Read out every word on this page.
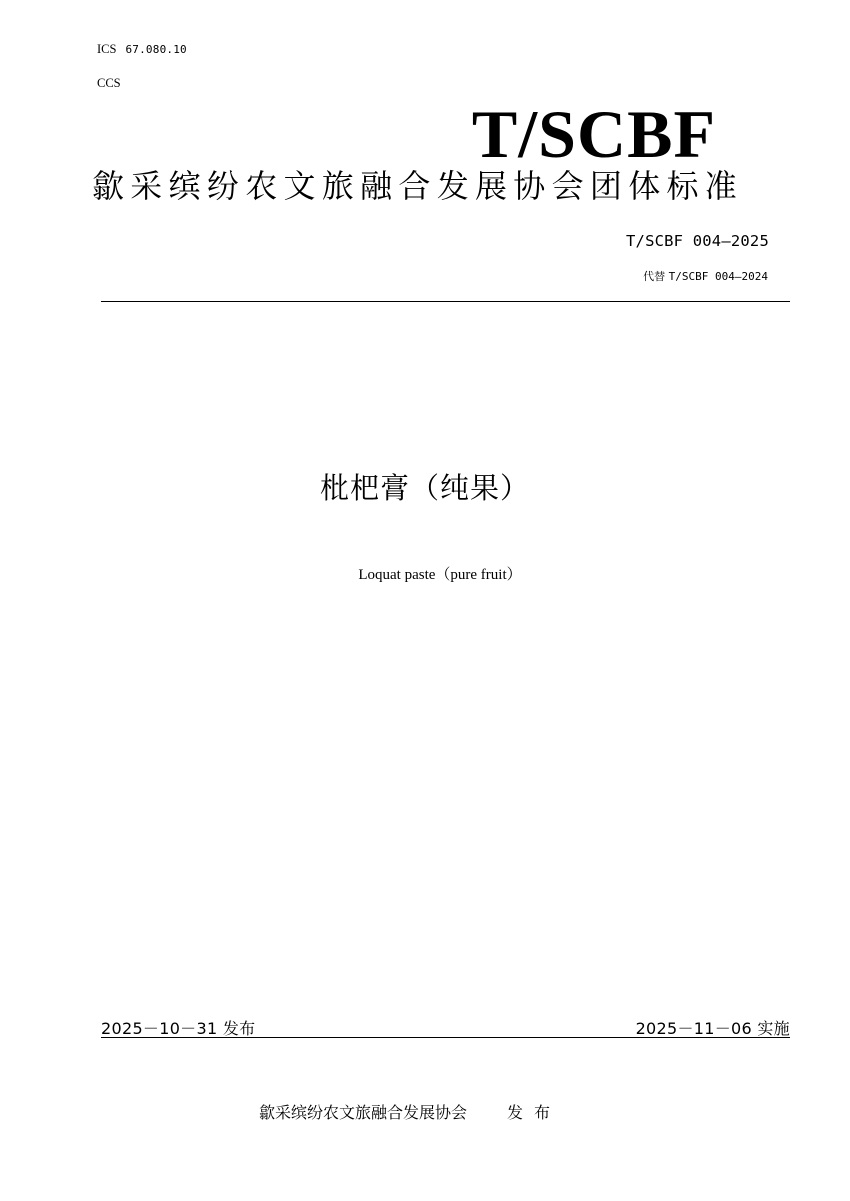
ICS 67.080.10
CCS
T/SCBF
歙采缤纷农文旅融合发展协会团体标准
T/SCBF 004—2025
代替 T/SCBF 004—2024
枇杷膏（纯果）
Loquat paste（pure fruit）
2025－10－31 发布	2025－11－06 实施
歙采缤纷农文旅融合发展协会	发布
